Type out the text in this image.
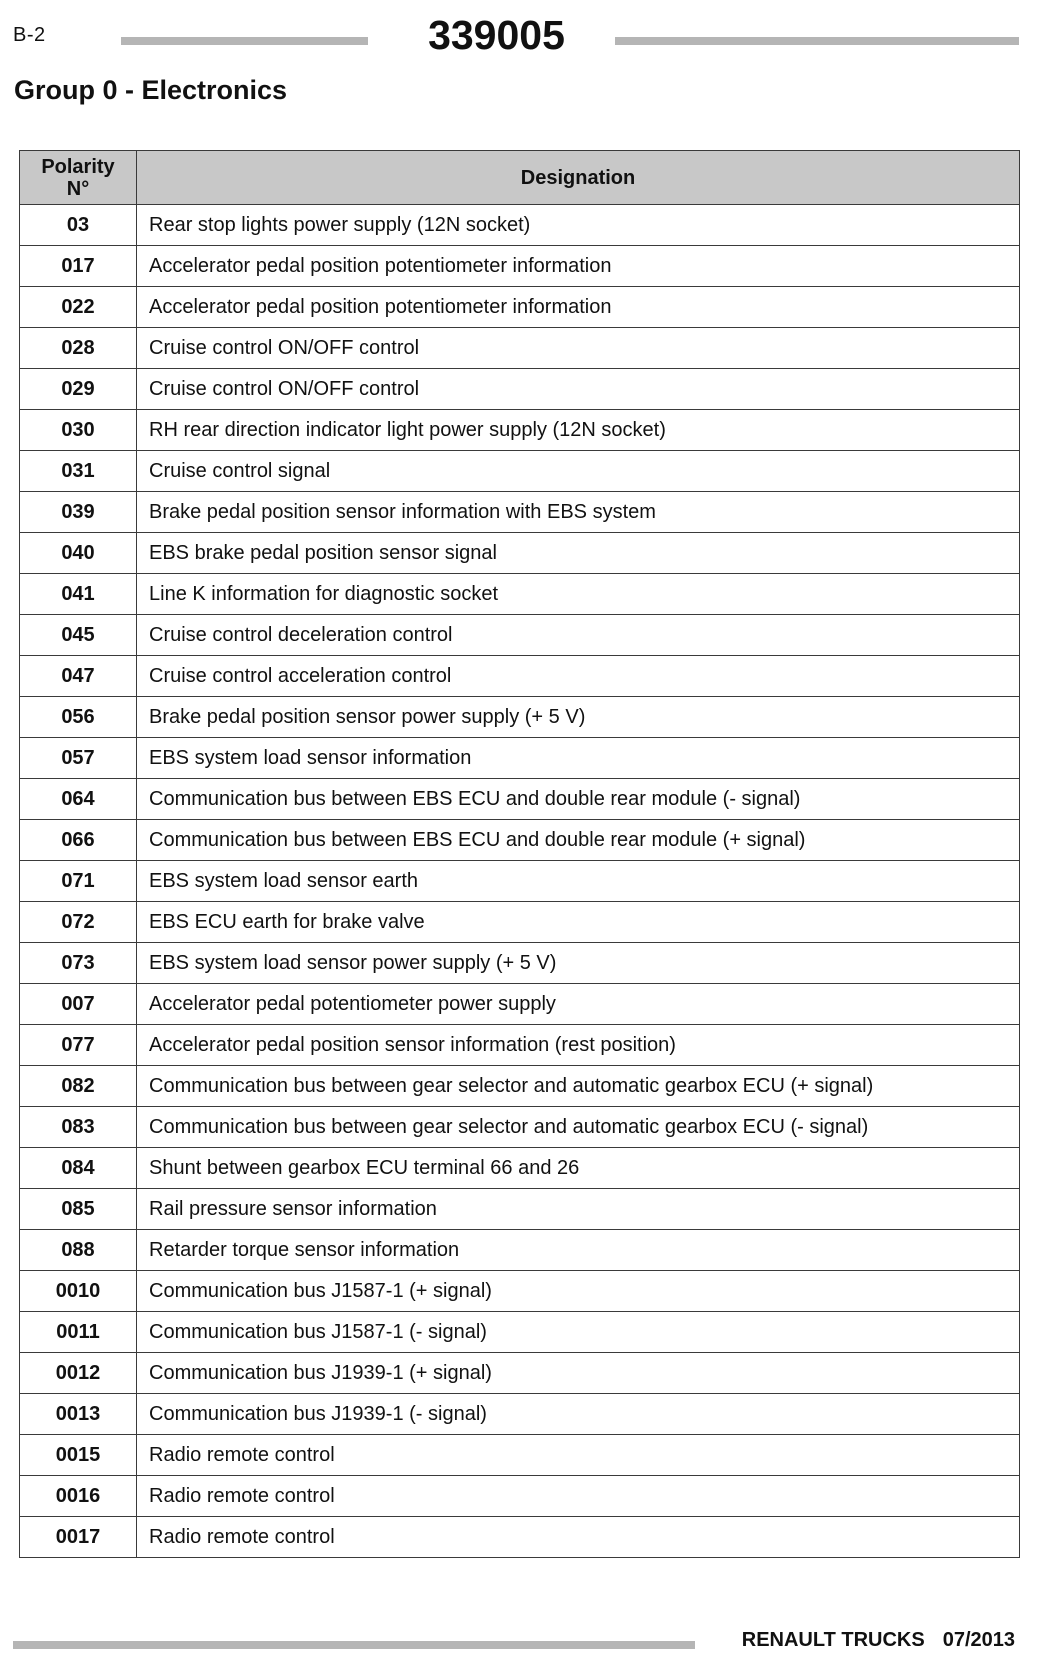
B-2	339005
Group 0 - Electronics
Polarity
N°	Designation
03	Rear stop lights power supply (12N socket)
017	Accelerator pedal position potentiometer information
022	Accelerator pedal position potentiometer information
028	Cruise control ON/OFF control
029	Cruise control ON/OFF control
030	RH rear direction indicator light power supply (12N socket)
031	Cruise control signal
039	Brake pedal position sensor information with EBS system
040	EBS brake pedal position sensor signal
041	Line K information for diagnostic socket
045	Cruise control deceleration control
047	Cruise control acceleration control
056	Brake pedal position sensor power supply (+ 5 V)
057	EBS system load sensor information
064	Communication bus between EBS ECU and double rear module (- signal)
066	Communication bus between EBS ECU and double rear module (+ signal)
071	EBS system load sensor earth
072	EBS ECU earth for brake valve
073	EBS system load sensor power supply (+ 5 V)
007	Accelerator pedal potentiometer power supply
077	Accelerator pedal position sensor information (rest position)
082	Communication bus between gear selector and automatic gearbox ECU (+ signal)
083	Communication bus between gear selector and automatic gearbox ECU (- signal)
084	Shunt between gearbox ECU terminal 66 and 26
085	Rail pressure sensor information
088	Retarder torque sensor information
0010	Communication bus J1587-1 (+ signal)
0011	Communication bus J1587-1 (- signal)
0012	Communication bus J1939-1 (+ signal)
0013	Communication bus J1939-1 (- signal)
0015	Radio remote control
0016	Radio remote control
0017	Radio remote control
RENAULT TRUCKS 07/2013
